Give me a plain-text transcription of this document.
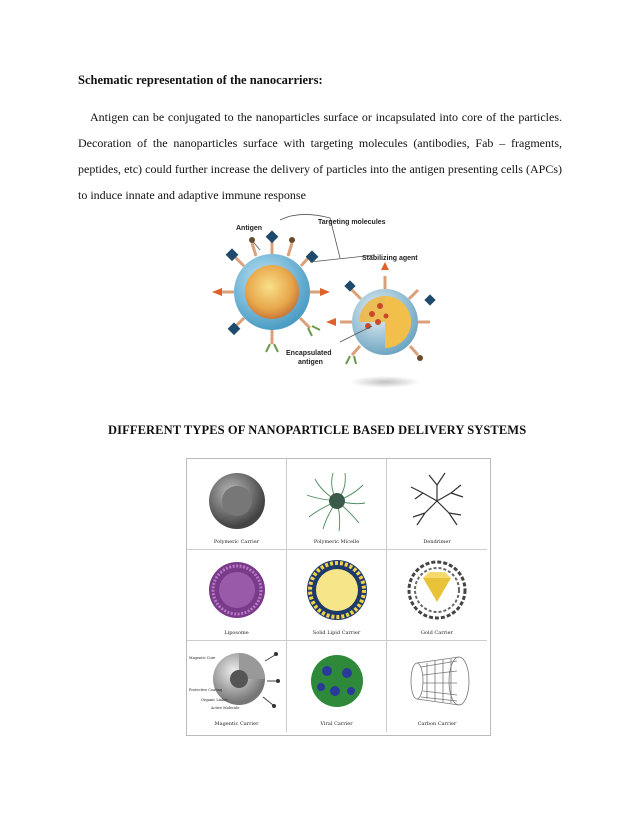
Schematic representation of the nanocarriers:
Antigen can be conjugated to the nanoparticles surface or incapsulated into core of the particles. Decoration of the nanoparticles surface with targeting molecules (antibodies, Fab – fragments, peptides, etc) could further increase the delivery of particles into the antigen presenting cells (APCs) to induce innate and adaptive immune response
Antigen
Targeting molecules
Stabilizing agent
Encapsulated
antigen
DIFFERENT TYPES OF NANOPARTICLE BASED DELIVERY SYSTEMS
Polymeric Carrier	Polymeric Micelle	Dendrimer
Liposome	Solid Lipid Carrier	Gold Carrier
Magentic Core
Protective Coating
Organic Linker
Active Molecule
Magentic Carrier	Viral Carrier	Carbon Carrier
